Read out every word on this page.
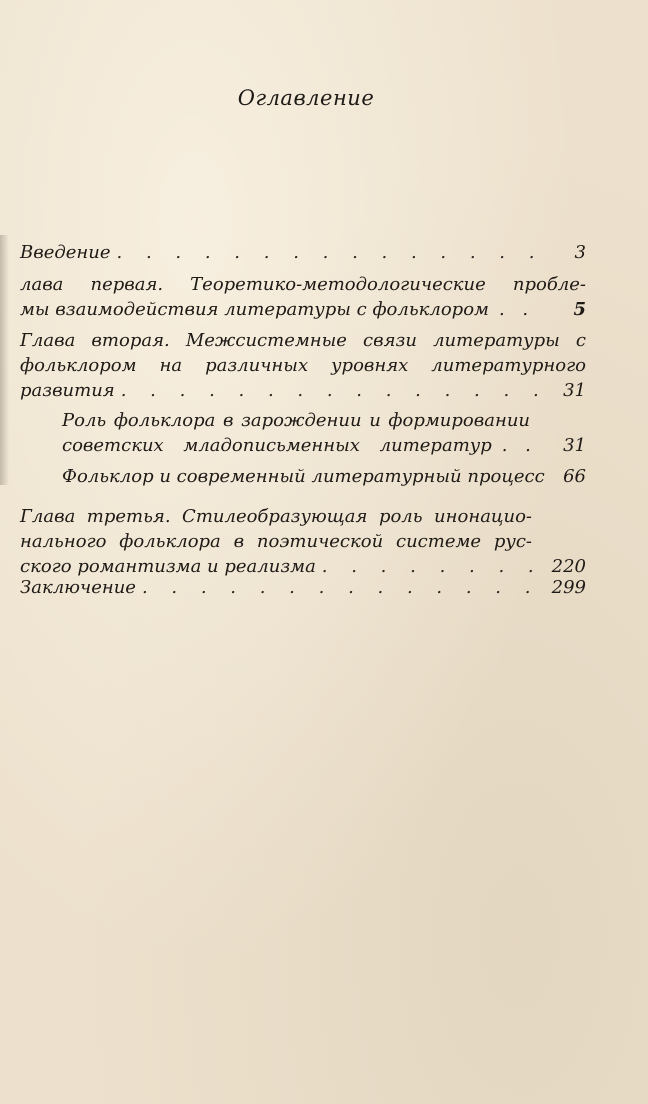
Оглавление
Введение . . .	3
лава первая. Теоретико-методологические пробле-
мы взаимодействия литературы с фольклором . .	5
Глава вторая. Межсистемные связи литературы с
фольклором на различных уровнях литературного
развития . . .	31
Роль фольклора в зарождении и формировании
советских младописьменных литератур . .	31
Фольклор и современный литературный процесс	66
Глава третья. Стилеобразующая роль инонацио-
нального фольклора в поэтической системе рус-
ского романтизма и реализма . . .	220
Заключение . . .	299
